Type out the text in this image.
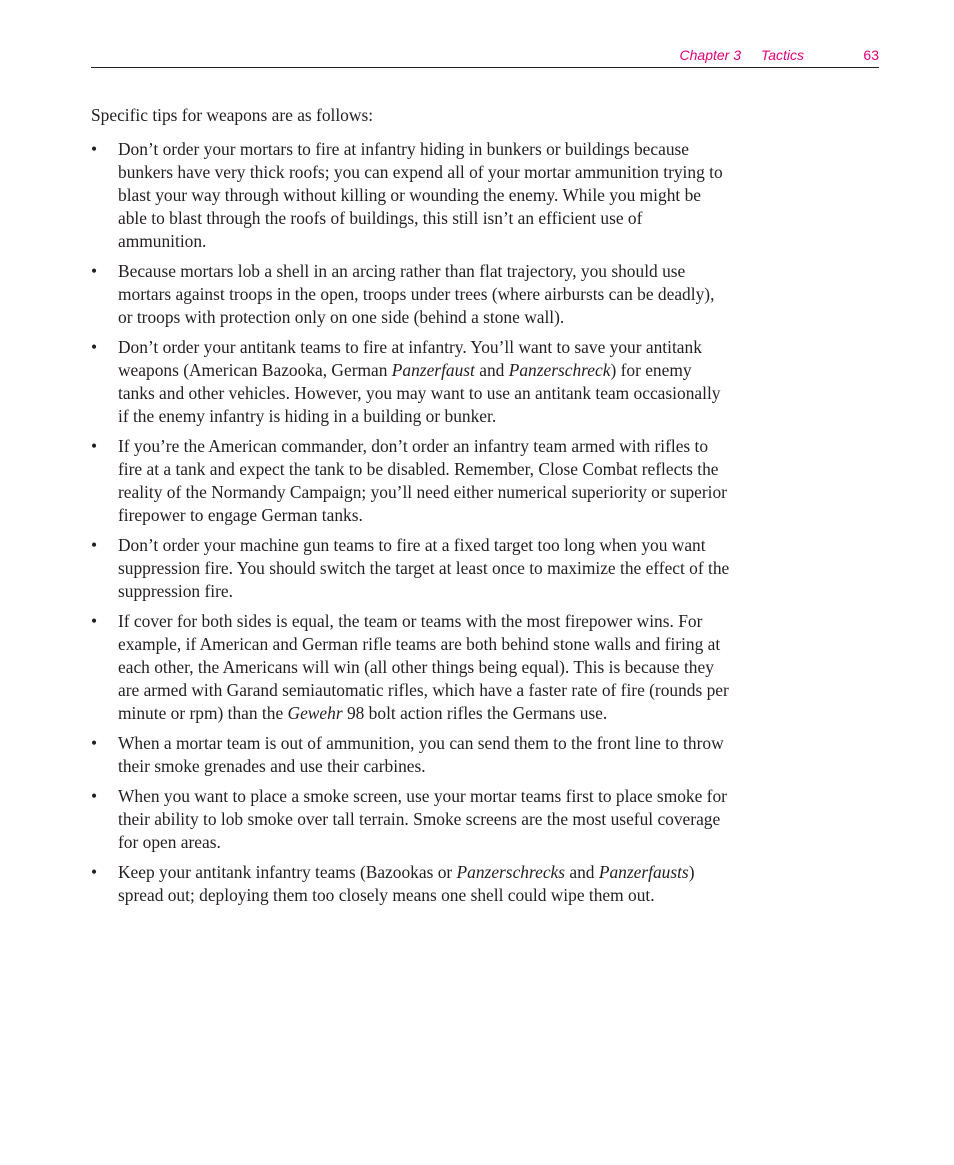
Chapter 3 Tactics	63

Specific tips for weapons are as follows:

• Don’t order your mortars to fire at infantry hiding in bunkers or buildings because bunkers have very thick roofs; you can expend all of your mortar ammunition trying to blast your way through without killing or wounding the enemy. While you might be able to blast through the roofs of buildings, this still isn’t an efficient use of ammunition.
• Because mortars lob a shell in an arcing rather than flat trajectory, you should use mortars against troops in the open, troops under trees (where airbursts can be deadly), or troops with protection only on one side (behind a stone wall).
• Don’t order your antitank teams to fire at infantry. You’ll want to save your antitank weapons (American Bazooka, German Panzerfaust and Panzerschreck) for enemy tanks and other vehicles. However, you may want to use an antitank team occasionally if the enemy infantry is hiding in a building or bunker.
• If you’re the American commander, don’t order an infantry team armed with rifles to fire at a tank and expect the tank to be disabled. Remember, Close Combat reflects the reality of the Normandy Campaign; you’ll need either numerical superiority or superior firepower to engage German tanks.
• Don’t order your machine gun teams to fire at a fixed target too long when you want suppression fire. You should switch the target at least once to maximize the effect of the suppression fire.
• If cover for both sides is equal, the team or teams with the most firepower wins. For example, if American and German rifle teams are both behind stone walls and firing at each other, the Americans will win (all other things being equal). This is because they are armed with Garand semiautomatic rifles, which have a faster rate of fire (rounds per minute or rpm) than the Gewehr 98 bolt action rifles the Germans use.
• When a mortar team is out of ammunition, you can send them to the front line to throw their smoke grenades and use their carbines.
• When you want to place a smoke screen, use your mortar teams first to place smoke for their ability to lob smoke over tall terrain. Smoke screens are the most useful coverage for open areas.
• Keep your antitank infantry teams (Bazookas or Panzerschrecks and Panzerfausts) spread out; deploying them too closely means one shell could wipe them out.
